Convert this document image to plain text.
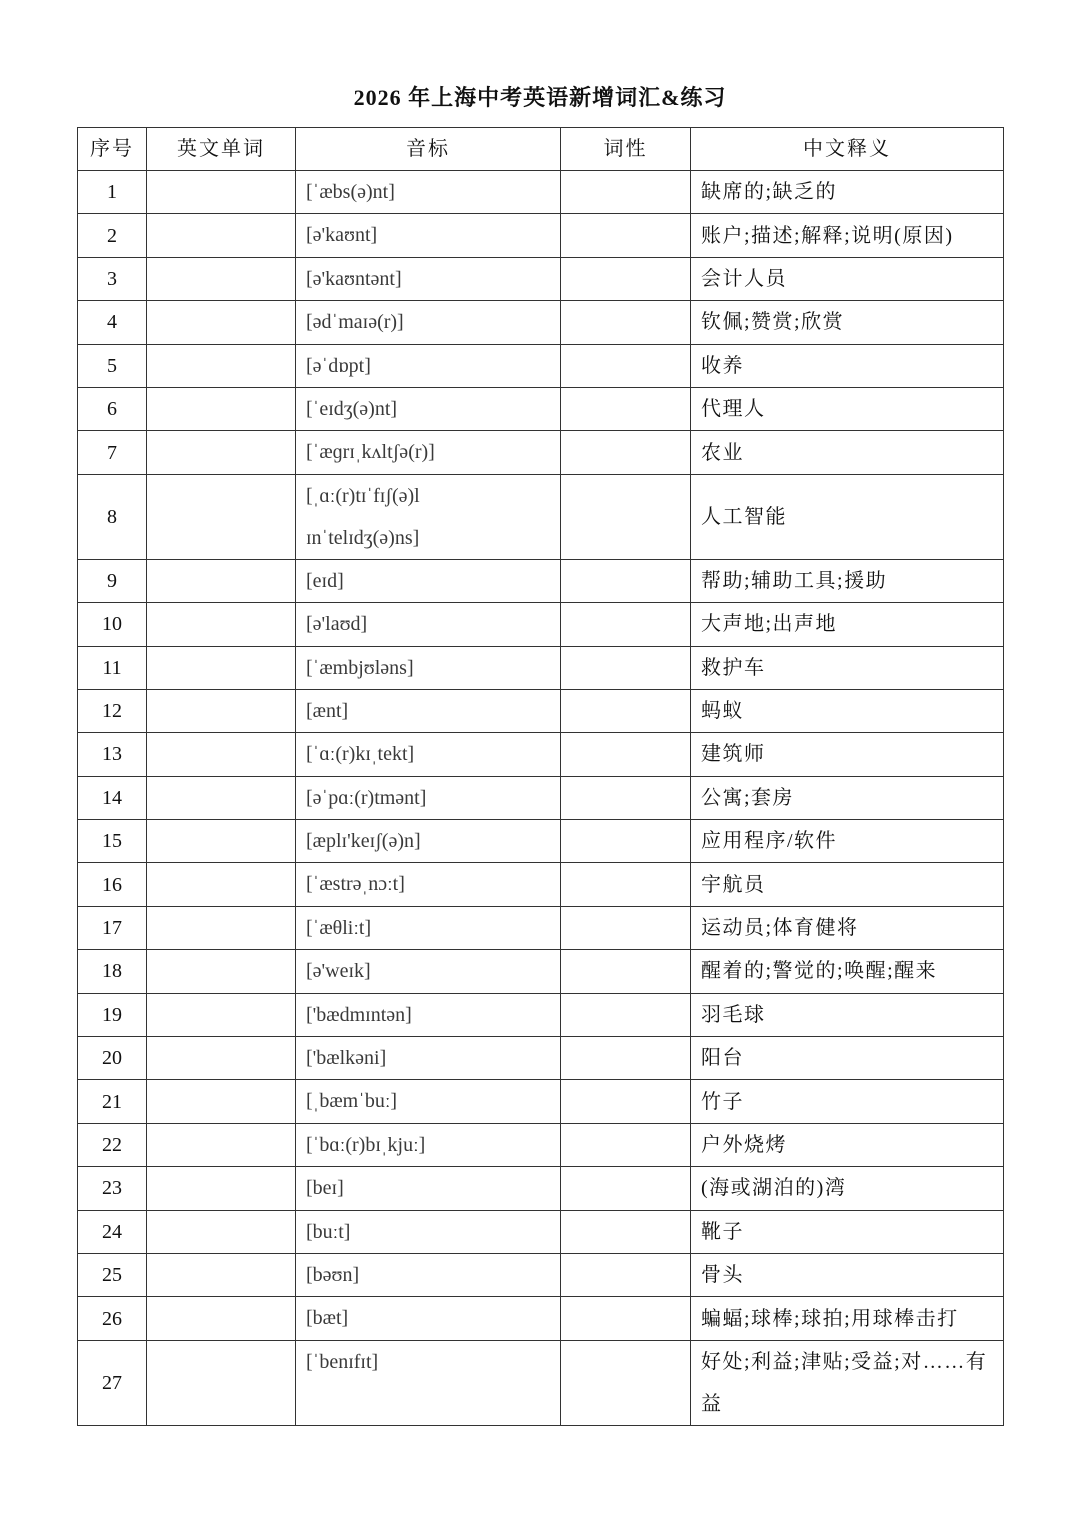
2026 年上海中考英语新增词汇&练习
序号	英文单词	音标	词性	中文释义
1		[ˈæbs(ə)nt]		缺席的;缺乏的
2		[ə'kaʊnt]		账户;描述;解释;说明(原因)
3		[ə'kaʊntənt]		会计人员
4		[ədˈmaɪə(r)]		钦佩;赞赏;欣赏
5		[əˈdɒpt]		收养
6		[ˈeɪdʒ(ə)nt]		代理人
7		[ˈæɡrɪˌkʌltʃə(r)]		农业
8		[ˌɑː(r)tɪˈfɪʃ(ə)l
ɪnˈtelɪdʒ(ə)ns]		人工智能
9		[eɪd]		帮助;辅助工具;援助
10		[ə'laʊd]		大声地;出声地
11		[ˈæmbjʊləns]		救护车
12		[ænt]		蚂蚁
13		[ˈɑː(r)kɪˌtekt]		建筑师
14		[əˈpɑː(r)tmənt]		公寓;套房
15		[æplɪ'keɪʃ(ə)n]		应用程序/软件
16		[ˈæstrəˌnɔːt]		宇航员
17		[ˈæθliːt]		运动员;体育健将
18		[ə'weɪk]		醒着的;警觉的;唤醒;醒来
19		['bædmɪntən]		羽毛球
20		['bælkəni]		阳台
21		[ˌbæmˈbuː]		竹子
22		[ˈbɑː(r)bɪˌkjuː]		户外烧烤
23		[beɪ]		(海或湖泊的)湾
24		[buːt]		靴子
25		[bəʊn]		骨头
26		[bæt]		蝙蝠;球棒;球拍;用球棒击打
27		[ˈbenɪfɪt]		好处;利益;津贴;受益;对……有益
